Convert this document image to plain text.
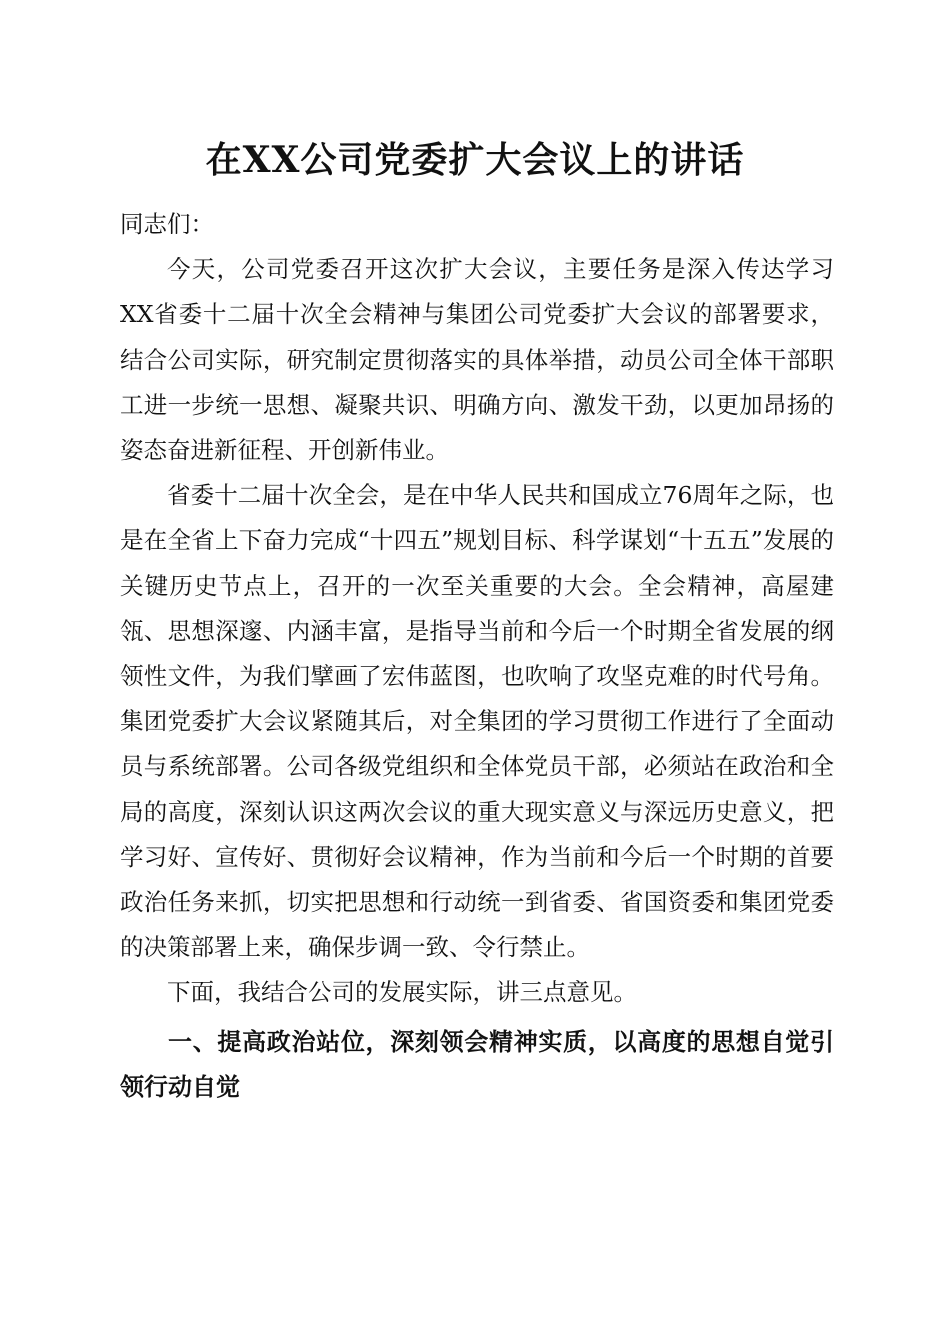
在XX公司党委扩大会议上的讲话

同志们：

今天，公司党委召开这次扩大会议，主要任务是深入传达学习XX省委十二届十次全会精神与集团公司党委扩大会议的部署要求，结合公司实际，研究制定贯彻落实的具体举措，动员公司全体干部职工进一步统一思想、凝聚共识、明确方向、激发干劲，以更加昂扬的姿态奋进新征程、开创新伟业。

省委十二届十次全会，是在中华人民共和国成立76周年之际，也是在全省上下奋力完成“十四五”规划目标、科学谋划“十五五”发展的关键历史节点上，召开的一次至关重要的大会。全会精神，高屋建瓴、思想深邃、内涵丰富，是指导当前和今后一个时期全省发展的纲领性文件，为我们擘画了宏伟蓝图，也吹响了攻坚克难的时代号角。集团党委扩大会议紧随其后，对全集团的学习贯彻工作进行了全面动员与系统部署。公司各级党组织和全体党员干部，必须站在政治和全局的高度，深刻认识这两次会议的重大现实意义与深远历史意义，把学习好、宣传好、贯彻好会议精神，作为当前和今后一个时期的首要政治任务来抓，切实把思想和行动统一到省委、省国资委和集团党委的决策部署上来，确保步调一致、令行禁止。

下面，我结合公司的发展实际，讲三点意见。

一、提高政治站位，深刻领会精神实质，以高度的思想自觉引领行动自觉
